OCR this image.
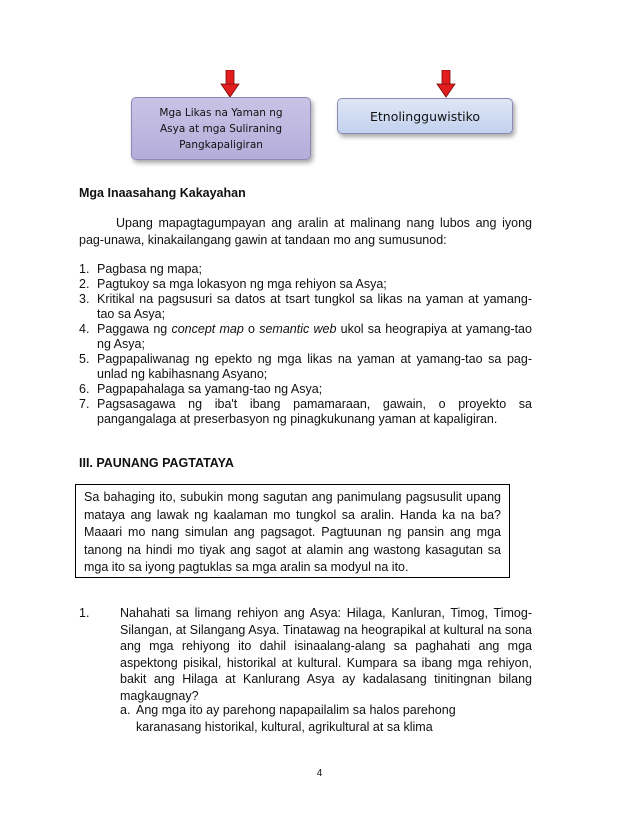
Mga Likas na Yaman ng Asya at mga Suliraning Pangkapaligiran
Etnolingguwistiko
Mga Inaasahang Kakayahan
Upang mapagtagumpayan ang aralin at malinang nang lubos ang iyong pag-unawa, kinakailangang gawin at tandaan mo ang sumusunod:
1. Pagbasa ng mapa;
2. Pagtukoy sa mga lokasyon ng mga rehiyon sa Asya;
3. Kritikal na pagsusuri sa datos at tsart tungkol sa likas na yaman at yamang-tao sa Asya;
4. Paggawa ng concept map o semantic web ukol sa heograpiya at yamang-tao ng Asya;
5. Pagpapaliwanag ng epekto ng mga likas na yaman at yamang-tao sa pag-unlad ng kabihasnang Asyano;
6. Pagpapahalaga sa yamang-tao ng Asya;
7. Pagsasagawa ng iba't ibang pamamaraan, gawain, o proyekto sa pangangalaga at preserbasyon ng pinagkukunang yaman at kapaligiran.
III. PAUNANG PAGTATAYA
Sa bahaging ito, subukin mong sagutan ang panimulang pagsusulit upang mataya ang lawak ng kaalaman mo tungkol sa aralin. Handa ka na ba? Maaari mo nang simulan ang pagsagot. Pagtuunan ng pansin ang mga tanong na hindi mo tiyak ang sagot at alamin ang wastong kasagutan sa mga ito sa iyong pagtuklas sa mga aralin sa modyul na ito.
1. Nahahati sa limang rehiyon ang Asya: Hilaga, Kanluran, Timog, Timog-Silangan, at Silangang Asya. Tinatawag na heograpikal at kultural na sona ang mga rehiyong ito dahil isinaalang-alang sa paghahati ang mga aspektong pisikal, historikal at kultural. Kumpara sa ibang mga rehiyon, bakit ang Hilaga at Kanlurang Asya ay kadalasang tinitingnan bilang magkaugnay?
a. Ang mga ito ay parehong napapailalim sa halos parehong karanasang historikal, kultural, agrikultural at sa klima
4
